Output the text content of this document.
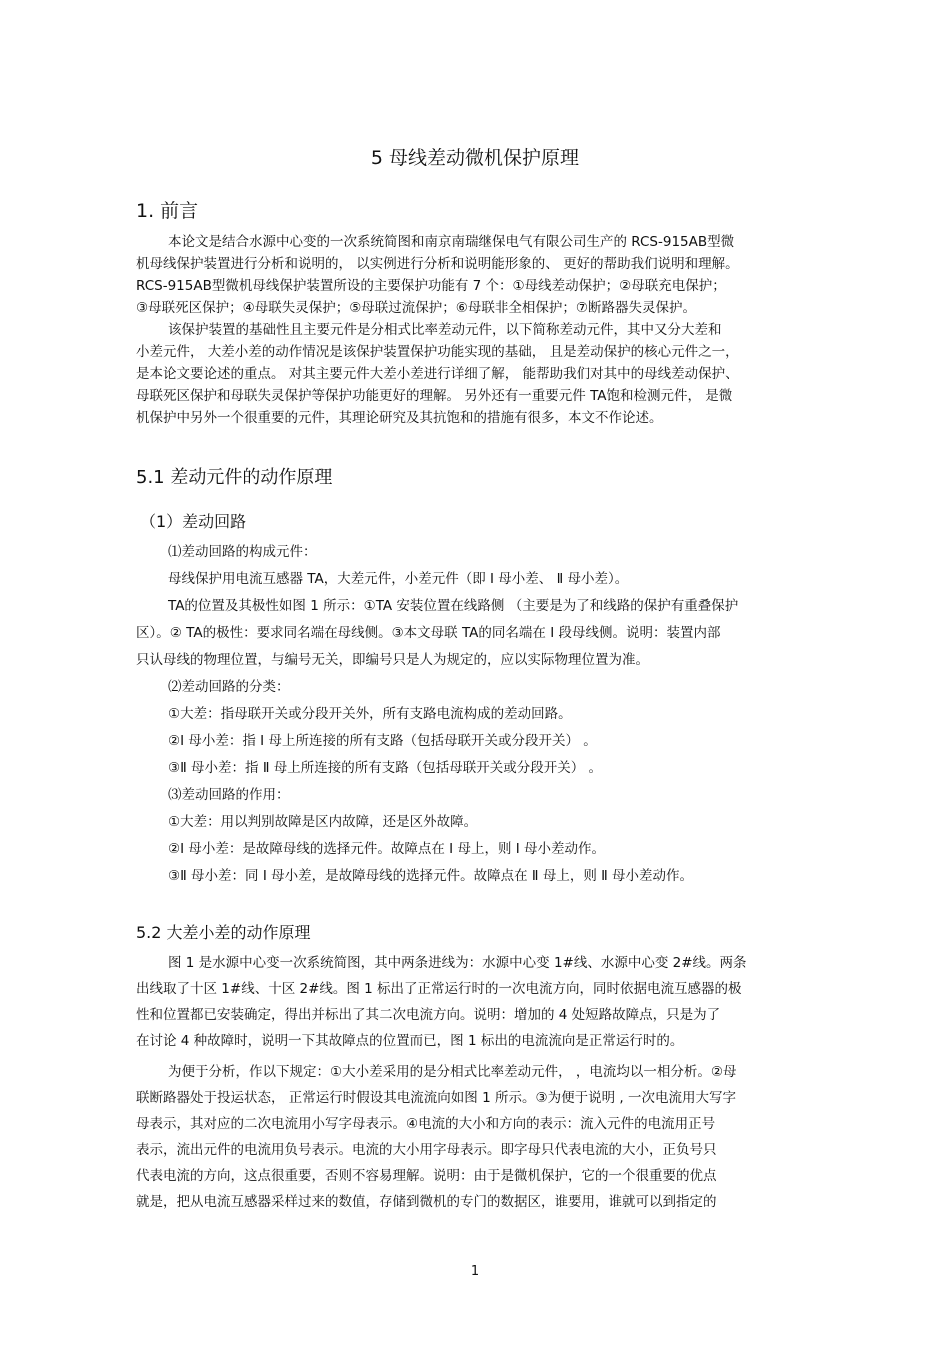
5 母线差动微机保护原理
1. 前言
本论文是结合水源中心变的一次系统简图和南京南瑞继保电气有限公司生产的 RCS-915AB型微
机母线保护装置进行分析和说明的， 以实例进行分析和说明能形象的、 更好的帮助我们说明和理解。
RCS-915AB型微机母线保护装置所设的主要保护功能有 7 个：①母线差动保护；②母联充电保护；
③母联死区保护；④母联失灵保护；⑤母联过流保护；⑥母联非全相保护；⑦断路器失灵保护。
该保护装置的基础性且主要元件是分相式比率差动元件，以下简称差动元件，其中又分大差和
小差元件， 大差小差的动作情况是该保护装置保护功能实现的基础， 且是差动保护的核心元件之一，
是本论文要论述的重点。 对其主要元件大差小差进行详细了解， 能帮助我们对其中的母线差动保护、
母联死区保护和母联失灵保护等保护功能更好的理解。 另外还有一重要元件 TA饱和检测元件， 是微
机保护中另外一个很重要的元件，其理论研究及其抗饱和的措施有很多，本文不作论述。
5.1 差动元件的动作原理
（1）差动回路
⑴差动回路的构成元件：
母线保护用电流互感器 TA，大差元件，小差元件（即 Ⅰ 母小差、 Ⅱ 母小差）。
TA的位置及其极性如图 1 所示：①TA 安装位置在线路侧 （主要是为了和线路的保护有重叠保护
区）。② TA的极性：要求同名端在母线侧。③本文母联 TA的同名端在 Ⅰ 段母线侧。说明：装置内部
只认母线的物理位置，与编号无关，即编号只是人为规定的，应以实际物理位置为准。
⑵差动回路的分类：
①大差：指母联开关或分段开关外，所有支路电流构成的差动回路。
②Ⅰ 母小差：指 Ⅰ 母上所连接的所有支路（包括母联开关或分段开关） 。
③Ⅱ 母小差：指 Ⅱ 母上所连接的所有支路（包括母联开关或分段开关） 。
⑶差动回路的作用：
①大差：用以判别故障是区内故障，还是区外故障。
②Ⅰ 母小差：是故障母线的选择元件。故障点在 Ⅰ 母上，则 Ⅰ 母小差动作。
③Ⅱ 母小差：同 Ⅰ 母小差，是故障母线的选择元件。故障点在 Ⅱ 母上，则 Ⅱ 母小差动作。
5.2 大差小差的动作原理
图 1 是水源中心变一次系统简图，其中两条进线为：水源中心变 1#线、水源中心变 2#线。两条
出线取了十区 1#线、十区 2#线。图 1 标出了正常运行时的一次电流方向，同时依据电流互感器的极
性和位置都已安装确定，得出并标出了其二次电流方向。说明：增加的 4 处短路故障点，只是为了
在讨论 4 种故障时，说明一下其故障点的位置而已，图 1 标出的电流流向是正常运行时的。
为便于分析，作以下规定：①大小差采用的是分相式比率差动元件， ，电流均以一相分析。②母
联断路器处于投运状态， 正常运行时假设其电流流向如图 1 所示。③为便于说明 , 一次电流用大写字
母表示，其对应的二次电流用小写字母表示。④电流的大小和方向的表示：流入元件的电流用正号
表示，流出元件的电流用负号表示。电流的大小用字母表示。即字母只代表电流的大小，正负号只
代表电流的方向，这点很重要，否则不容易理解。说明：由于是微机保护，它的一个很重要的优点
就是，把从电流互感器采样过来的数值，存储到微机的专门的数据区，谁要用，谁就可以到指定的
1
